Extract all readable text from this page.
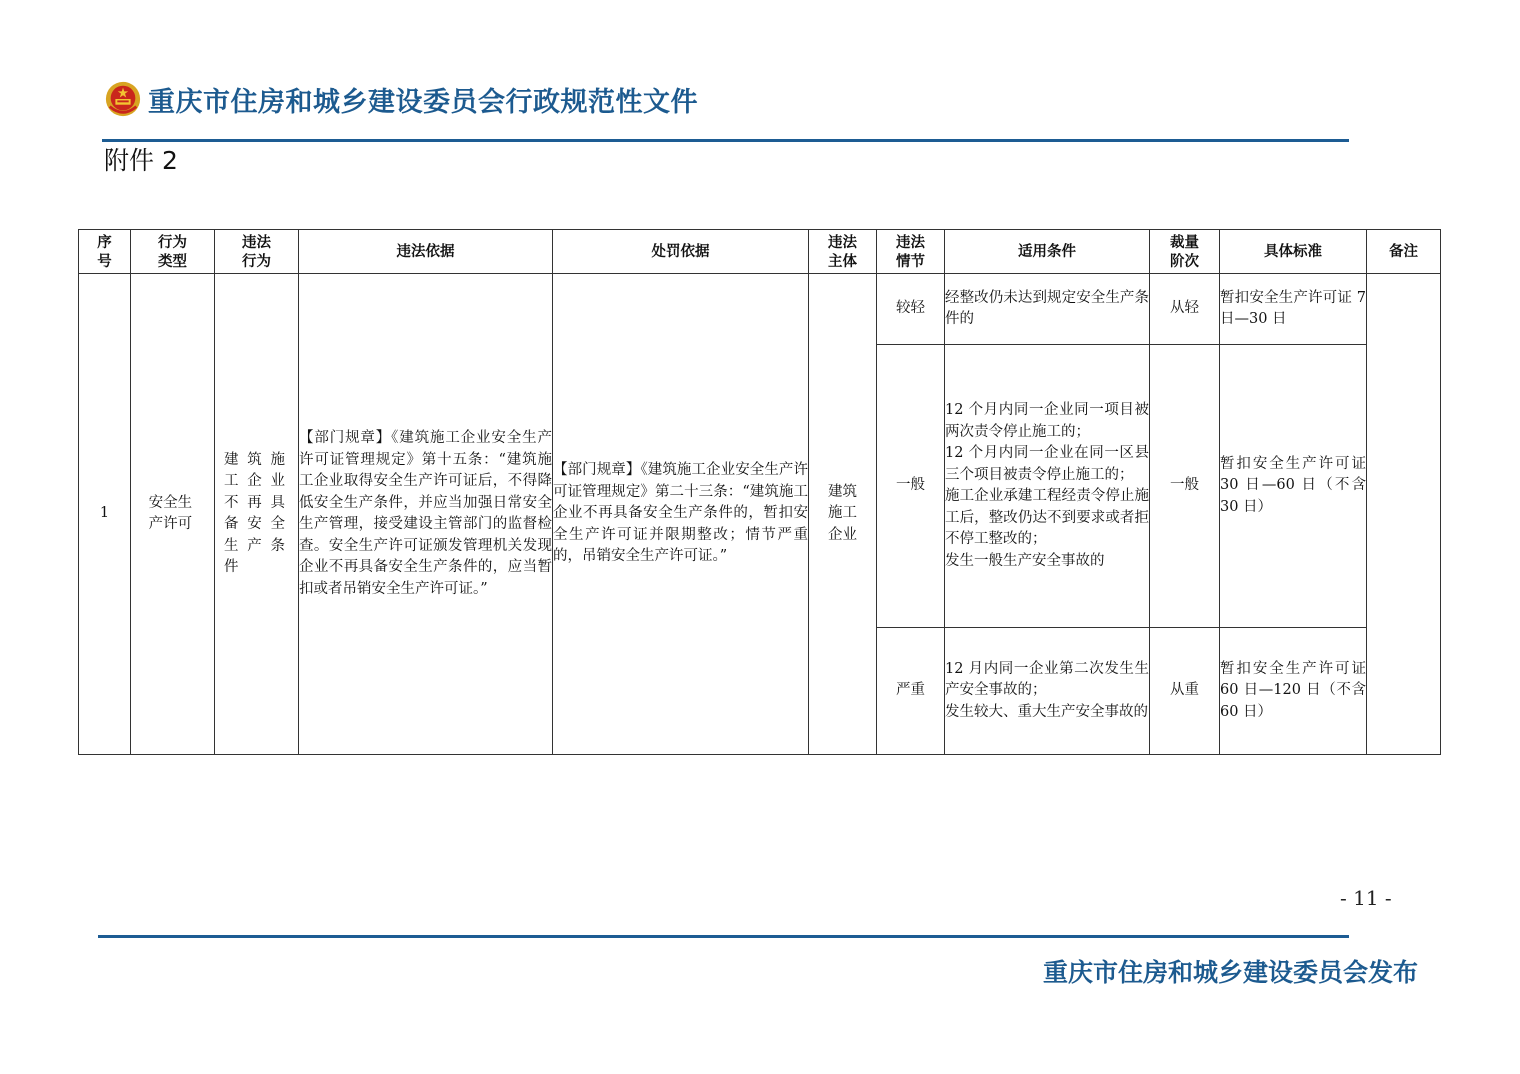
重庆市住房和城乡建设委员会行政规范性文件
附件 2
序号	行为类型	违法行为	违法依据	处罚依据	违法主体	违法情节	适用条件	裁量阶次	具体标准	备注
1	安全生产许可	建筑施工企业不再具备安全生产条件	【部门规章】《建筑施工企业安全生产许可证管理规定》第十五条：“建筑施工企业取得安全生产许可证后，不得降低安全生产条件，并应当加强日常安全生产管理，接受建设主管部门的监督检查。安全生产许可证颁发管理机关发现企业不再具备安全生产条件的，应当暂扣或者吊销安全生产许可证。”	【部门规章】《建筑施工企业安全生产许可证管理规定》第二十三条：“建筑施工企业不再具备安全生产条件的，暂扣安全生产许可证并限期整改；情节严重的，吊销安全生产许可证。”	建筑施工企业	较轻	经整改仍未达到规定安全生产条件的	从轻	暂扣安全生产许可证 7 日—30 日	
						一般	12 个月内同一企业同一项目被两次责令停止施工的；
12 个月内同一企业在同一区县三个项目被责令停止施工的；
施工企业承建工程经责令停止施工后，整改仍达不到要求或者拒不停工整改的；
发生一般生产安全事故的	一般	暂扣安全生产许可证 30 日—60 日（不含 30 日）	
						严重	12 月内同一企业第二次发生生产安全事故的；
发生较大、重大生产安全事故的	从重	暂扣安全生产许可证 60 日—120 日（不含 60 日）	
- 11 -
重庆市住房和城乡建设委员会发布
